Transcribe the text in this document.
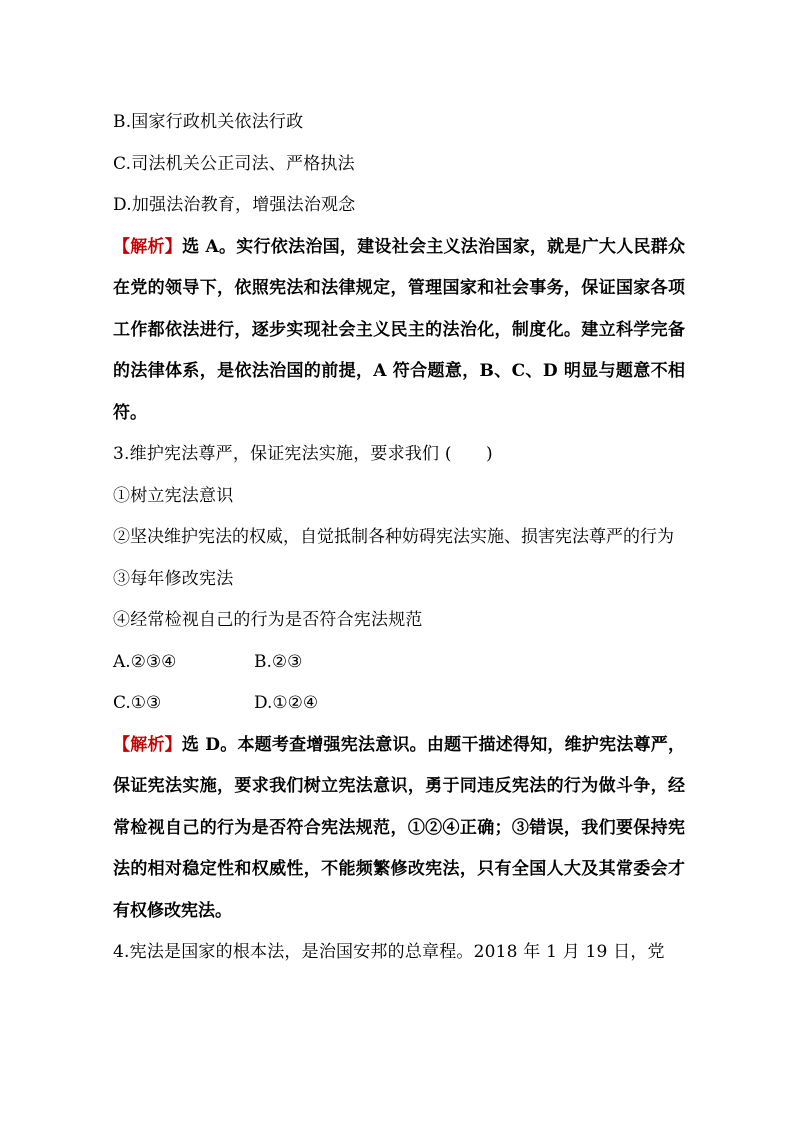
B.国家行政机关依法行政
C.司法机关公正司法、严格执法
D.加强法治教育，增强法治观念
【解析】选 A。实行依法治国，建设社会主义法治国家，就是广大人民群众在党的领导下，依照宪法和法律规定，管理国家和社会事务，保证国家各项工作都依法进行，逐步实现社会主义民主的法治化，制度化。建立科学完备的法律体系，是依法治国的前提，A 符合题意，B、C、D 明显与题意不相符。
3.维护宪法尊严，保证宪法实施，要求我们 (　　)
①树立宪法意识
②坚决维护宪法的权威，自觉抵制各种妨碍宪法实施、损害宪法尊严的行为
③每年修改宪法
④经常检视自己的行为是否符合宪法规范
A.②③④	B.②③
C.①③	D.①②④
【解析】选 D。本题考查增强宪法意识。由题干描述得知，维护宪法尊严，保证宪法实施，要求我们树立宪法意识，勇于同违反宪法的行为做斗争，经常检视自己的行为是否符合宪法规范，①②④正确；③错误，我们要保持宪法的相对稳定性和权威性，不能频繁修改宪法，只有全国人大及其常委会才有权修改宪法。
4.宪法是国家的根本法，是治国安邦的总章程。2018 年 1 月 19 日，党
